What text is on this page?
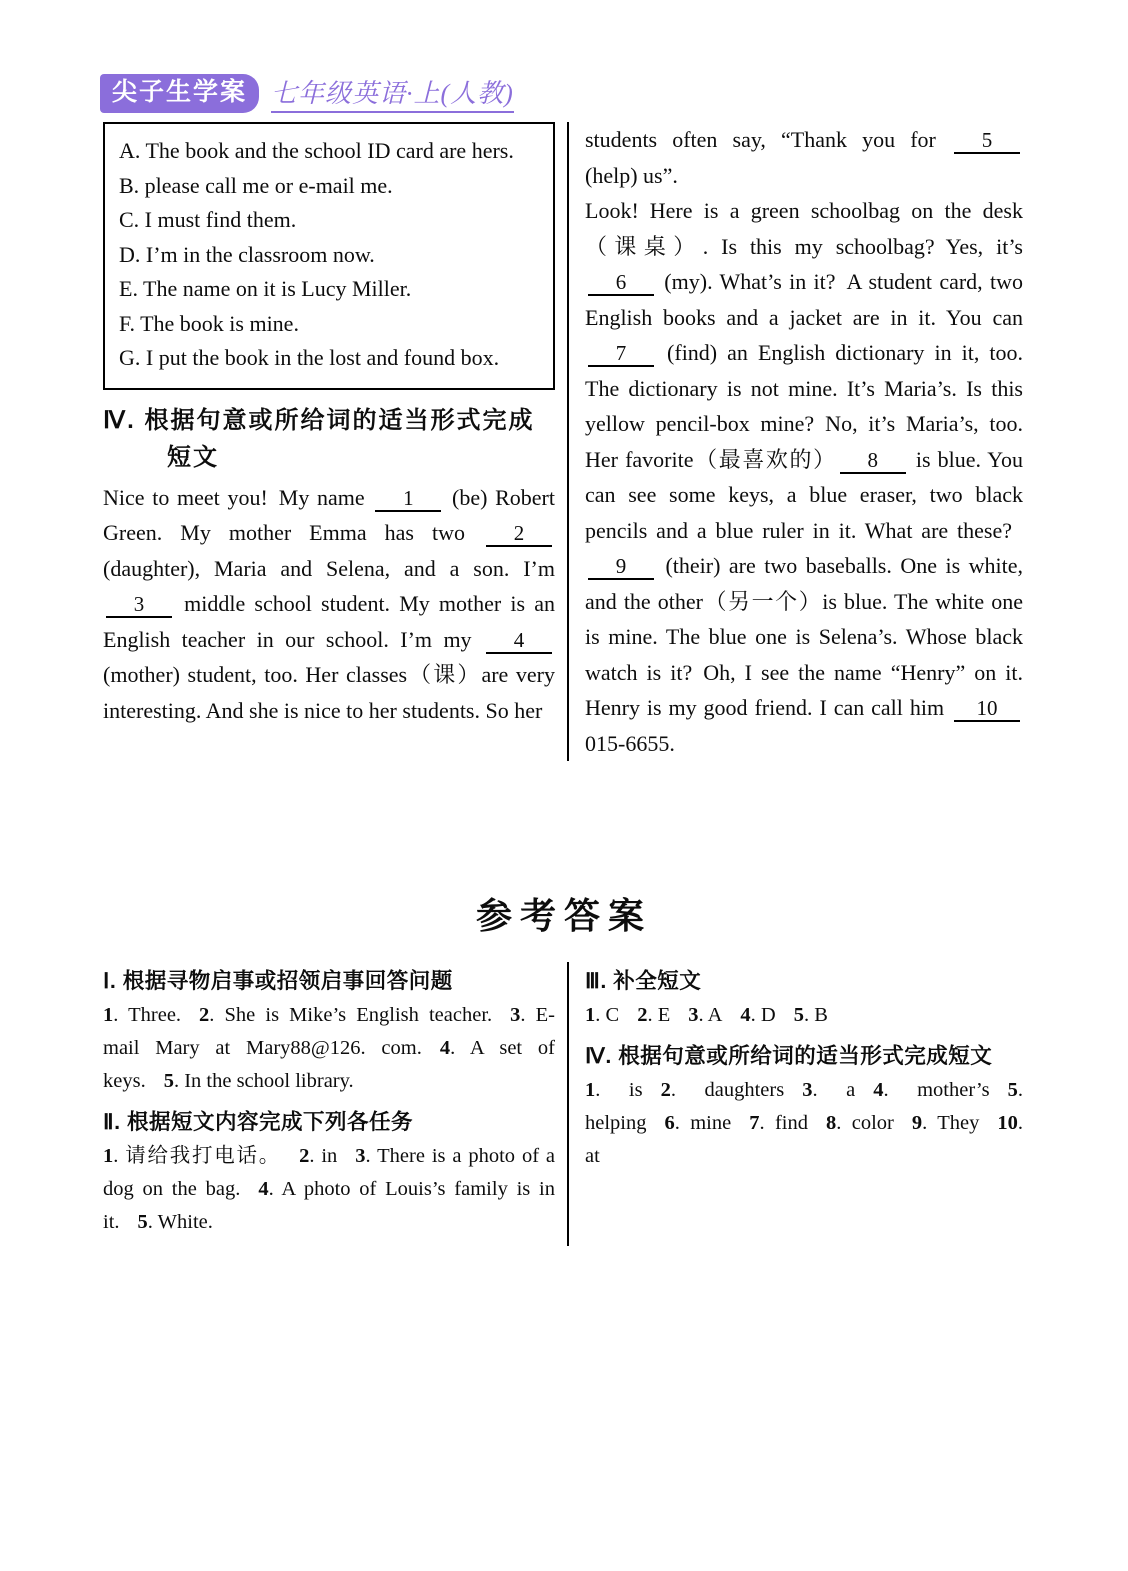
尖子生学案 七年级英语·上(人教)
A. The book and the school ID card are hers.
B. please call me or e-mail me.
C. I must find them.
D. I’m in the classroom now.
E. The name on it is Lucy Miller.
F. The book is mine.
G. I put the book in the lost and found box.
Ⅳ. 根据句意或所给词的适当形式完成短文

Nice to meet you! My name 1 (be) Robert Green. My mother Emma has two 2 (daughter), Maria and Selena, and a son. I’m 3 middle school student. My mother is an English teacher in our school. I’m my 4 (mother) student, too. Her classes（课）are very interesting. And she is nice to her students. So her

students often say, “Thank you for 5 (help) us”.

Look! Here is a green schoolbag on the desk（课桌）. Is this my schoolbag? Yes, it’s 6 (my). What’s in it? A student card, two English books and a jacket are in it. You can 7 (find) an English dictionary in it, too. The dictionary is not mine. It’s Maria’s. Is this yellow pencil-box mine? No, it’s Maria’s, too. Her favorite（最喜欢的） 8 is blue. You can see some keys, a blue eraser, two black pencils and a blue ruler in it. What are these? 9 (their) are two baseballs. One is white, and the other（另一个）is blue. The white one is mine. The blue one is Selena’s. Whose black watch is it? Oh, I see the name “Henry” on it. Henry is my good friend. I can call him 10 015-6655.

参考答案
Ⅰ. 根据寻物启事或招领启事回答问题

1. Three. 2. She is Mike’s English teacher. 3. E-mail Mary at Mary88@126. com. 4. A set of keys. 5. In the school library.

Ⅱ. 根据短文内容完成下列各任务

1. 请给我打电话。 2. in 3. There is a photo of a dog on the bag. 4. A photo of Louis’s family is in it. 5. White.

Ⅲ. 补全短文

1. C 2. E 3. A 4. D 5. B

Ⅳ. 根据句意或所给词的适当形式完成短文

1. is 2. daughters 3. a 4. mother’s 5. helping 6. mine 7. find 8. color 9. They 10. at
